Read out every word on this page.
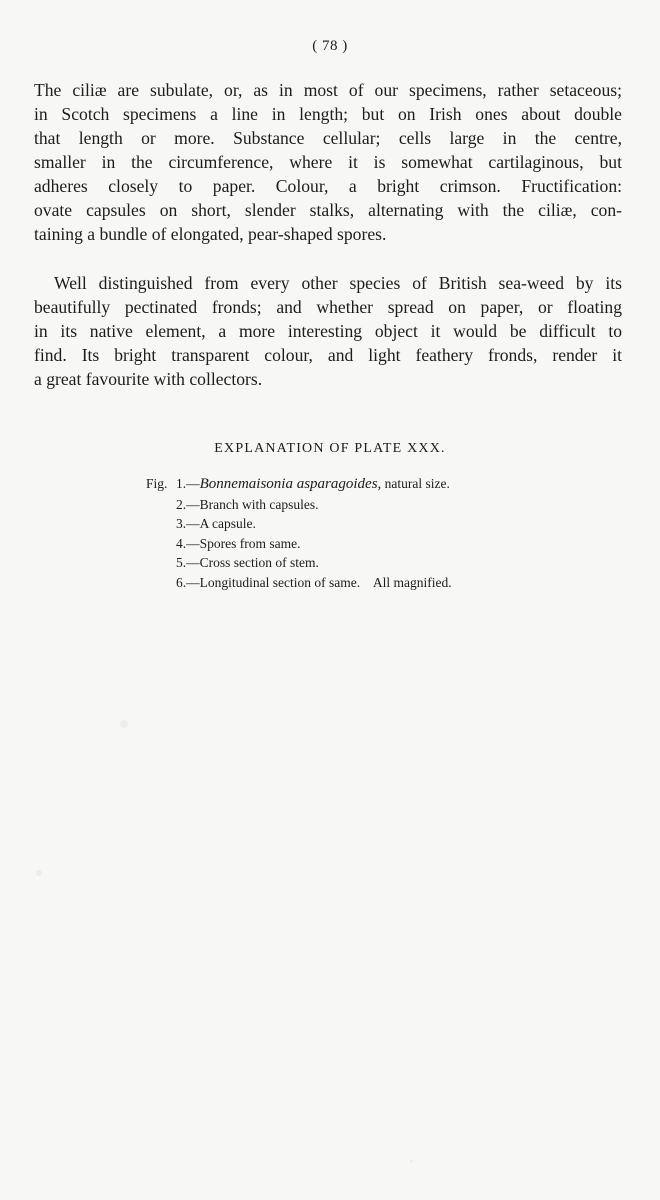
( 78 )

The ciliæ are subulate, or, as in most of our specimens, rather setaceous;
in Scotch specimens a line in length; but on Irish ones about double
that length or more. Substance cellular; cells large in the centre,
smaller in the circumference, where it is somewhat cartilaginous, but
adheres closely to paper. Colour, a bright crimson. Fructification:
ovate capsules on short, slender stalks, alternating with the ciliæ, con-
taining a bundle of elongated, pear-shaped spores.

Well distinguished from every other species of British sea-weed by its
beautifully pectinated fronds; and whether spread on paper, or floating
in its native element, a more interesting object it would be difficult to
find. Its bright transparent colour, and light feathery fronds, render it
a great favourite with collectors.

EXPLANATION OF PLATE XXX.
Fig. 1.—Bonnemaisonia asparagoides, natural size.
2.—Branch with capsules.
3.—A capsule.
4.—Spores from same.
5.—Cross section of stem.
6.—Longitudinal section of same.    All magnified.
